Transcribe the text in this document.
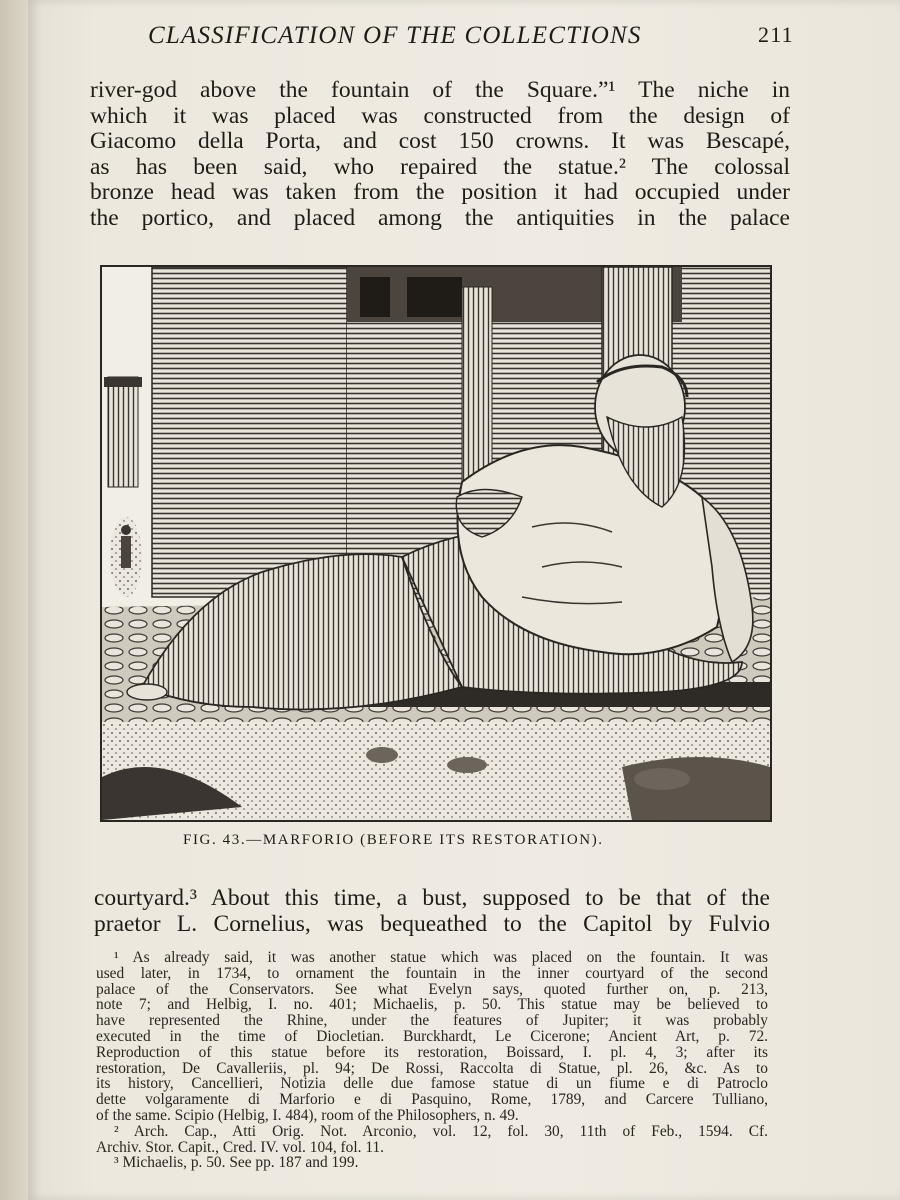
CLASSIFICATION OF THE COLLECTIONS	211
river-god above the fountain of the Square.”¹ The niche in
which it was placed was constructed from the design of
Giacomo della Porta, and cost 150 crowns. It was Bescapé,
as has been said, who repaired the statue.² The colossal
bronze head was taken from the position it had occupied under
the portico, and placed among the antiquities in the palace
FIG. 43.—MARFORIO (BEFORE ITS RESTORATION).
courtyard.³ About this time, a bust, supposed to be that of the
praetor L. Cornelius, was bequeathed to the Capitol by Fulvio
¹ As already said, it was another statue which was placed on the fountain. It was
used later, in 1734, to ornament the fountain in the inner courtyard of the second
palace of the Conservators. See what Evelyn says, quoted further on, p. 213,
note 7; and Helbig, I. no. 401; Michaelis, p. 50. This statue may be believed to
have represented the Rhine, under the features of Jupiter; it was probably
executed in the time of Diocletian. Burckhardt, Le Cicerone; Ancient Art, p. 72.
Reproduction of this statue before its restoration, Boissard, I. pl. 4, 3; after its
restoration, De Cavalleriis, pl. 94; De Rossi, Raccolta di Statue, pl. 26, &c. As to
its history, Cancellieri, Notizia delle due famose statue di un fiume e di Patroclo
dette volgaramente di Marforio e di Pasquino, Rome, 1789, and Carcere Tulliano,
of the same. Scipio (Helbig, I. 484), room of the Philosophers, n. 49.
² Arch. Cap., Atti Orig. Not. Arconio, vol. 12, fol. 30, 11th of Feb., 1594. Cf.
Archiv. Stor. Capit., Cred. IV. vol. 104, fol. 11.
³ Michaelis, p. 50. See pp. 187 and 199.
